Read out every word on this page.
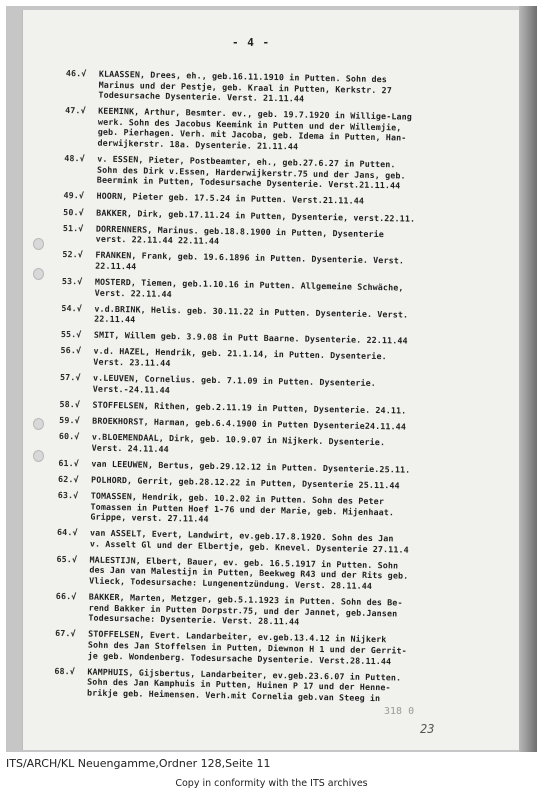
- 4 -
46.√	KLAASSEN, Drees, eh., geb.16.11.1910 in Putten. Sohn des
Marinus und der Pestje, geb. Kraal in Putten, Kerkstr. 27
Todesursache Dysenterie. Verst. 21.11.44
47.√	KEEMINK, Arthur, Besmter. ev., geb. 19.7.1920 in Willige-Lang
werk. Sohn des Jacobus Keemink in Putten und der Willemjie,
geb. Pierhagen. Verh. mit Jacoba, geb. Idema in Putten, Han-
derwijkerstr. 18a. Dysenterie. 21.11.44
48.√	v. ESSEN, Pieter, Postbeamter, eh., geb.27.6.27 in Putten.
Sohn des Dirk v.Essen, Harderwijkerstr.75 und der Jans, geb.
Beermink in Putten, Todesursache Dysenterie. Verst.21.11.44
49.√	HOORN, Pieter geb. 17.5.24 in Putten. Verst.21.11.44
50.√	BAKKER, Dirk, geb.17.11.24 in Putten, Dysenterie, verst.22.11.
51.√	DORRENNERS, Marinus. geb.18.8.1900 in Putten, Dysenterie
verst. 22.11.44 22.11.44
52.√	FRANKEN, Frank, geb. 19.6.1896 in Putten. Dysenterie. Verst.
22.11.44
53.√	MOSTERD, Tiemen, geb.1.10.16 in Putten. Allgemeine Schwäche,
Verst. 22.11.44
54.√	v.d.BRINK, Helis. geb. 30.11.22 in Putten. Dysenterie. Verst.
22.11.44
55.√	SMIT, Willem geb. 3.9.08 in Putt Baarne. Dysenterie. 22.11.44
56.√	v.d. HAZEL, Hendrik, geb. 21.1.14, in Putten. Dysenterie.
Verst. 23.11.44
57.√	v.LEUVEN, Cornelius. geb. 7.1.09 in Putten. Dysenterie.
Verst.-24.11.44
58.√	STOFFELSEN, Rithen, geb.2.11.19 in Putten, Dysenterie. 24.11.
59.√	BROEKHORST, Harman, geb.6.4.1900 in Putten Dysenterie24.11.44
60.√	v.BLOEMENDAAL, Dirk, geb. 10.9.07 in Nijkerk. Dysenterie.
Verst. 24.11.44
61.√	van LEEUWEN, Bertus, geb.29.12.12 in Putten. Dysenterie.25.11.
62.√	POLHORD, Gerrit, geb.28.12.22 in Putten, Dysenterie 25.11.44
63.√	TOMASSEN, Hendrik, geb. 10.2.02 in Putten. Sohn des Peter
Tomassen in Putten Hoef 1-76 und der Marie, geb. Mijenhaat.
Grippe, verst. 27.11.44
64.√	van ASSELT, Evert, Landwirt, ev.geb.17.8.1920. Sohn des Jan
v. Asselt Gl und der Elbertje, geb. Knevel. Dysenterie 27.11.4
65.√	MALESTIJN, Elbert, Bauer, ev. geb. 16.5.1917 in Putten. Sohn
des Jan van Malestijn in Putten, Beekweg R43 und der Rits geb.
Vlieck, Todesursache: Lungenentzündung. Verst. 28.11.44
66.√	BAKKER, Marten, Metzger, geb.5.1.1923 in Putten. Sohn des Be-
rend Bakker in Putten Dorpstr.75, und der Jannet, geb.Jansen
Todesursache: Dysenterie. Verst. 28.11.44
67.√	STOFFELSEN, Evert. Landarbeiter, ev.geb.13.4.12 in Nijkerk
Sohn des Jan Stoffelsen in Putten, Diewnon H 1 und der Gerrit-
je geb. Wondenberg. Todesursache Dysenterie. Verst.28.11.44
68.√	KAMPHUIS, Gijsbertus, Landarbeiter, ev.geb.23.6.07 in Putten.
Sohn des Jan Kamphuis in Putten, Huinen P 17 und der Henne-
brikje geb. Heimensen. Verh.mit Cornelia geb.van Steeg in
318 0
23
ITS/ARCH/KL Neuengamme,Ordner 128,Seite 11
Copy in conformity with the ITS archives
